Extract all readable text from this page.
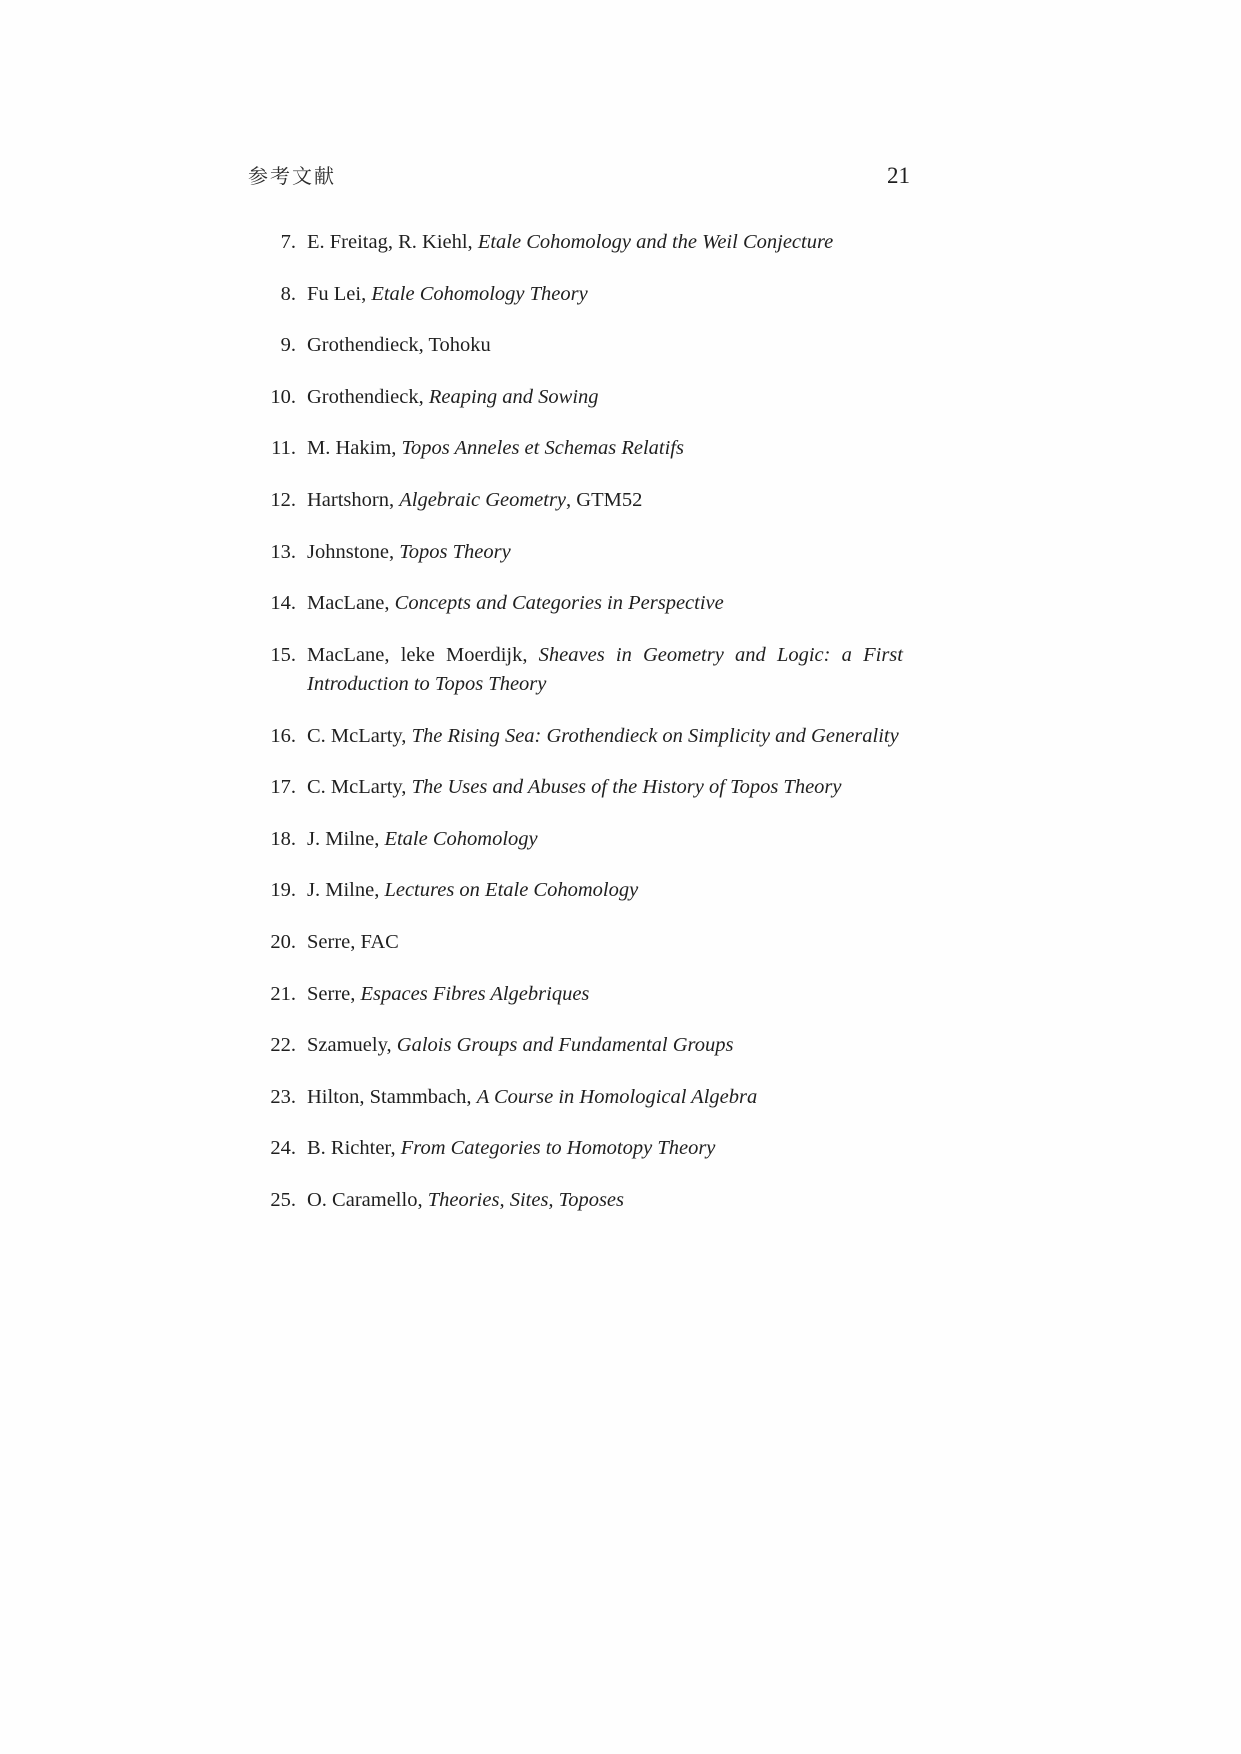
参考文献	21
7. E. Freitag, R. Kiehl, Etale Cohomology and the Weil Conjecture
8. Fu Lei, Etale Cohomology Theory
9. Grothendieck, Tohoku
10. Grothendieck, Reaping and Sowing
11. M. Hakim, Topos Anneles et Schemas Relatifs
12. Hartshorn, Algebraic Geometry, GTM52
13. Johnstone, Topos Theory
14. MacLane, Concepts and Categories in Perspective
15. MacLane, leke Moerdijk, Sheaves in Geometry and Logic: a First Introduction to Topos Theory
16. C. McLarty, The Rising Sea: Grothendieck on Simplicity and Generality
17. C. McLarty, The Uses and Abuses of the History of Topos Theory
18. J. Milne, Etale Cohomology
19. J. Milne, Lectures on Etale Cohomology
20. Serre, FAC
21. Serre, Espaces Fibres Algebriques
22. Szamuely, Galois Groups and Fundamental Groups
23. Hilton, Stammbach, A Course in Homological Algebra
24. B. Richter, From Categories to Homotopy Theory
25. O. Caramello, Theories, Sites, Toposes
